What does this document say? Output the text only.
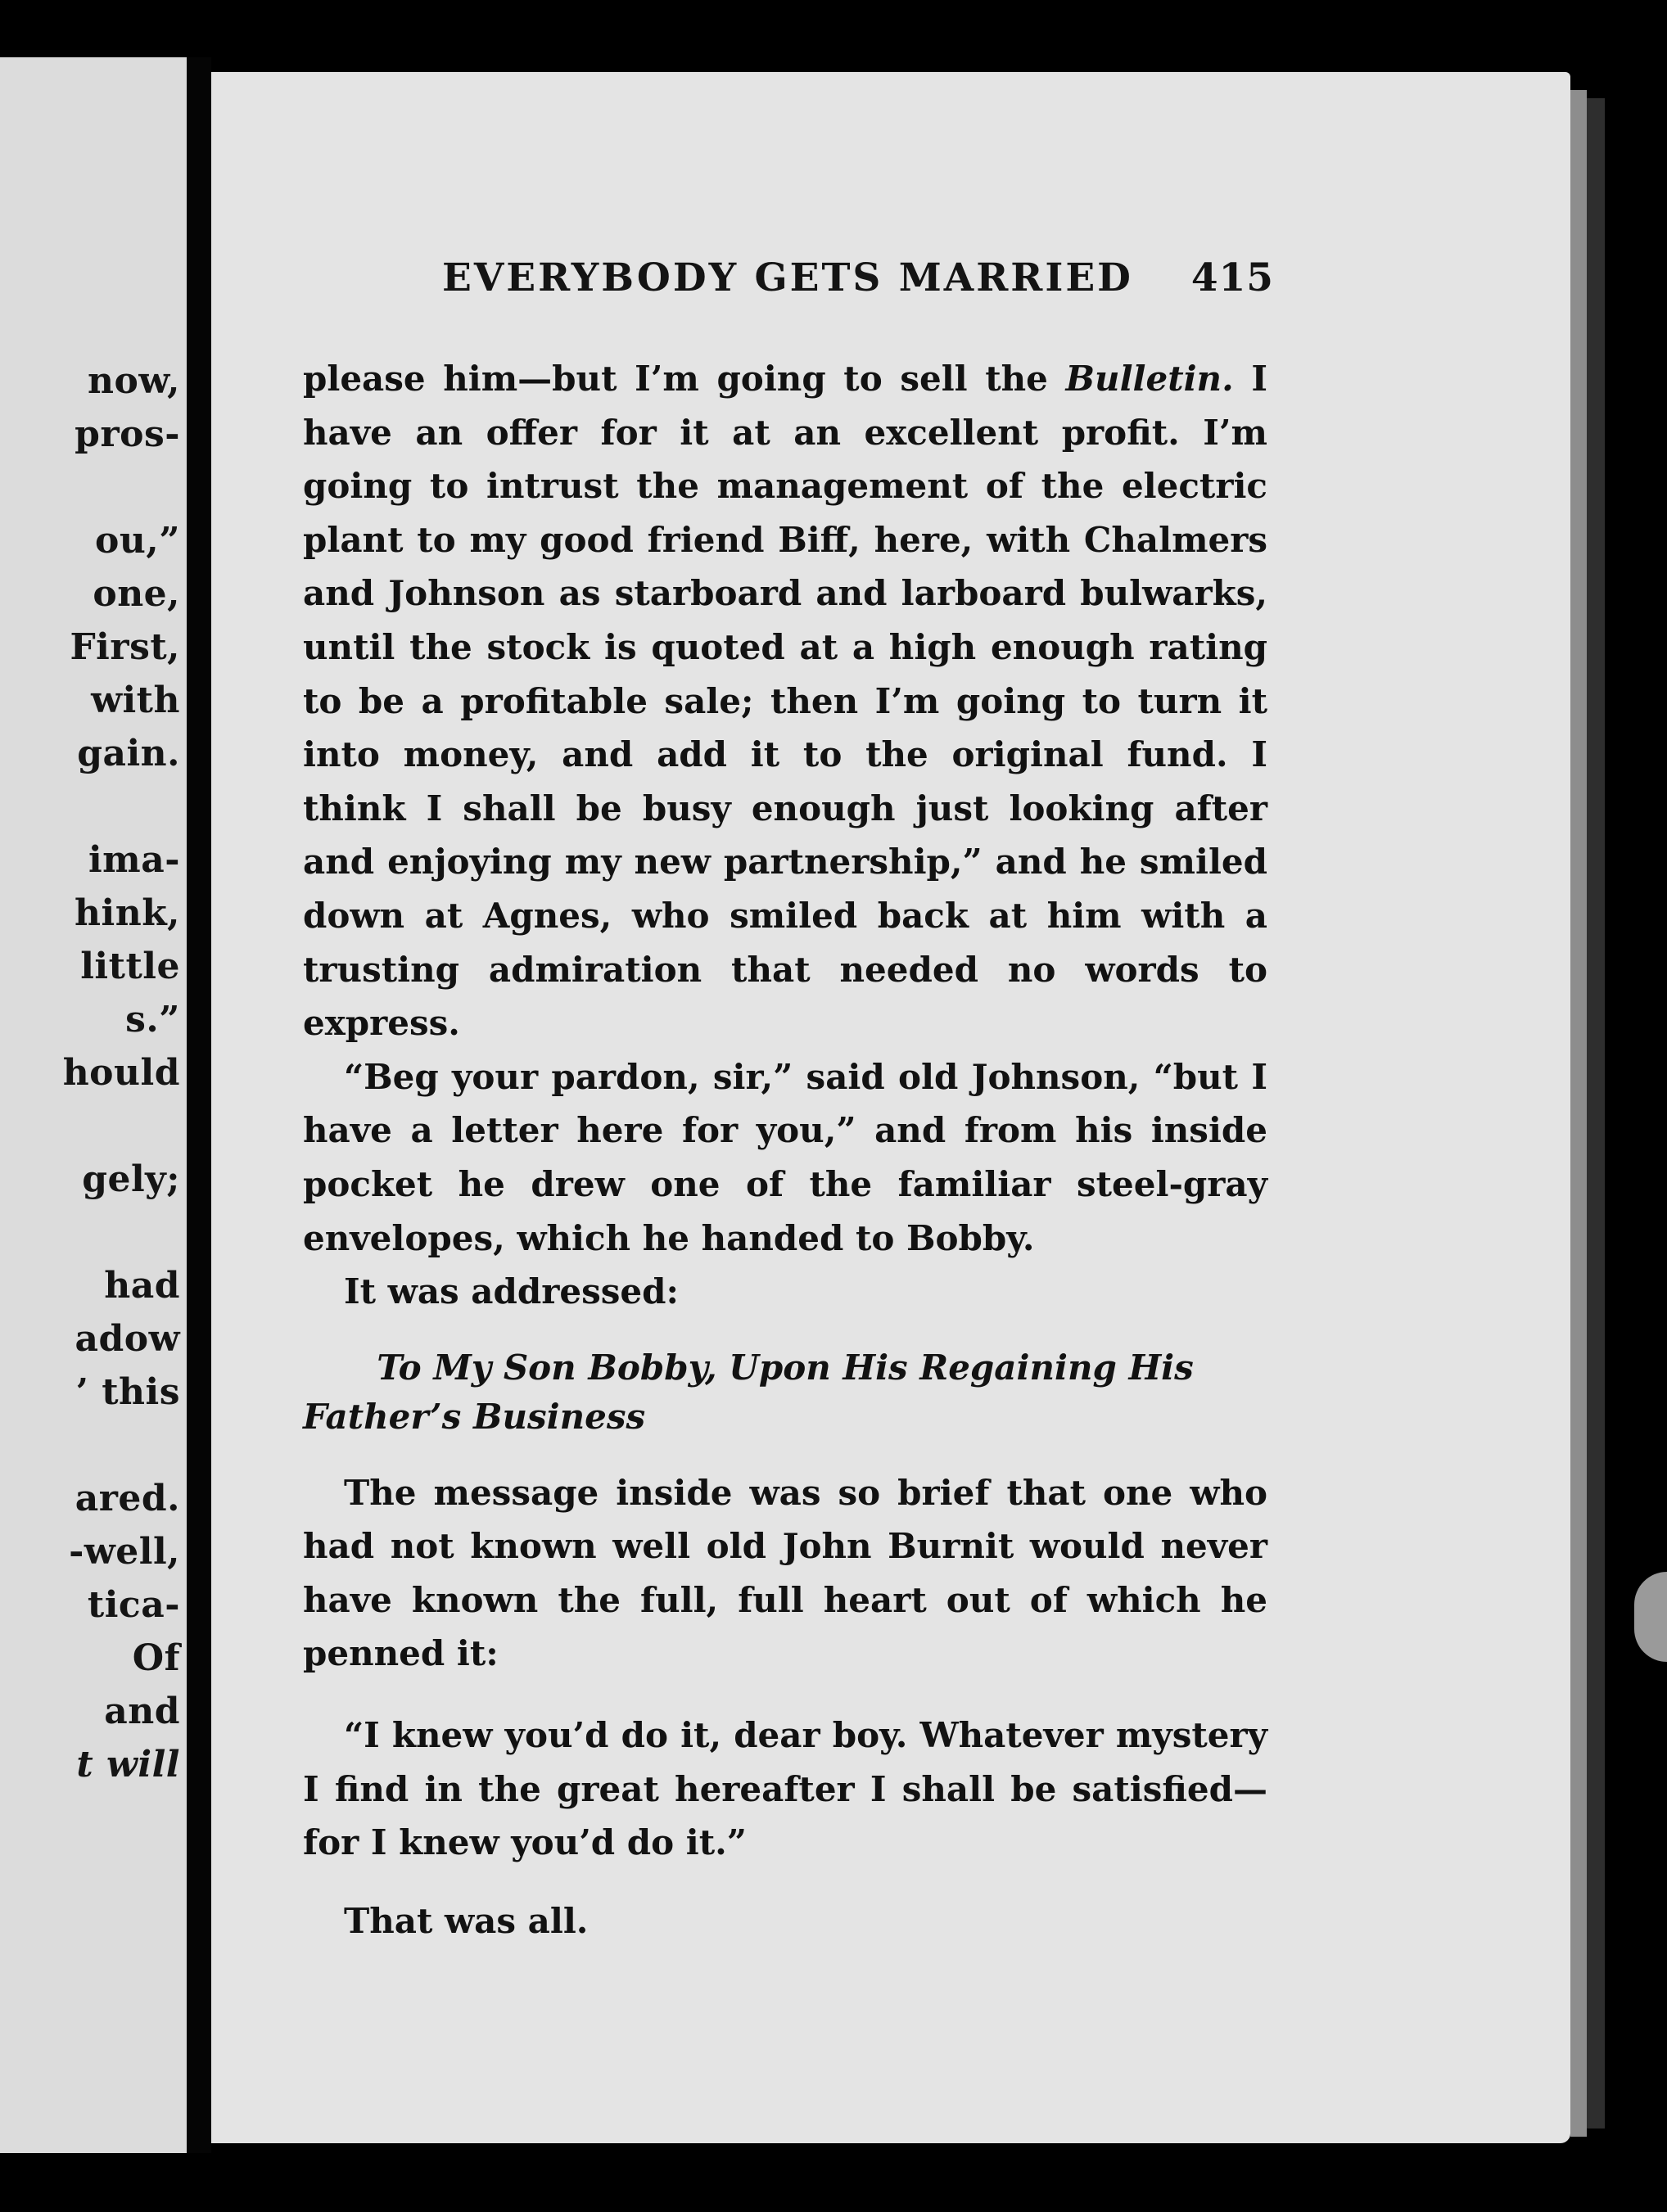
now,
pros-
ou,”
one,
First,
with
gain.
ima-
hink,
little
s.”
hould
gely;
had
adow
’ this
ared.
-well,
tica-
Of
and
t will
EVERYBODY GETS MARRIED 415

please him—but I’m going to sell the Bulletin. I have an offer for it at an excellent profit. I’m going to intrust the management of the electric plant to my good friend Biff, here, with Chalmers and Johnson as starboard and larboard bulwarks, until the stock is quoted at a high enough rating to be a profitable sale; then I’m going to turn it into money, and add it to the original fund. I think I shall be busy enough just looking after and enjoying my new partnership,” and he smiled down at Agnes, who smiled back at him with a trusting admiration that needed no words to express.

“Beg your pardon, sir,” said old Johnson, “but I have a letter here for you,” and from his inside pocket he drew one of the familiar steel-gray envelopes, which he handed to Bobby.

It was addressed:

To My Son Bobby, Upon His Regaining His Father’s Business

The message inside was so brief that one who had not known well old John Burnit would never have known the full, full heart out of which he penned it:

“I knew you’d do it, dear boy. Whatever mystery I find in the great hereafter I shall be satisfied—for I knew you’d do it.”

That was all.
